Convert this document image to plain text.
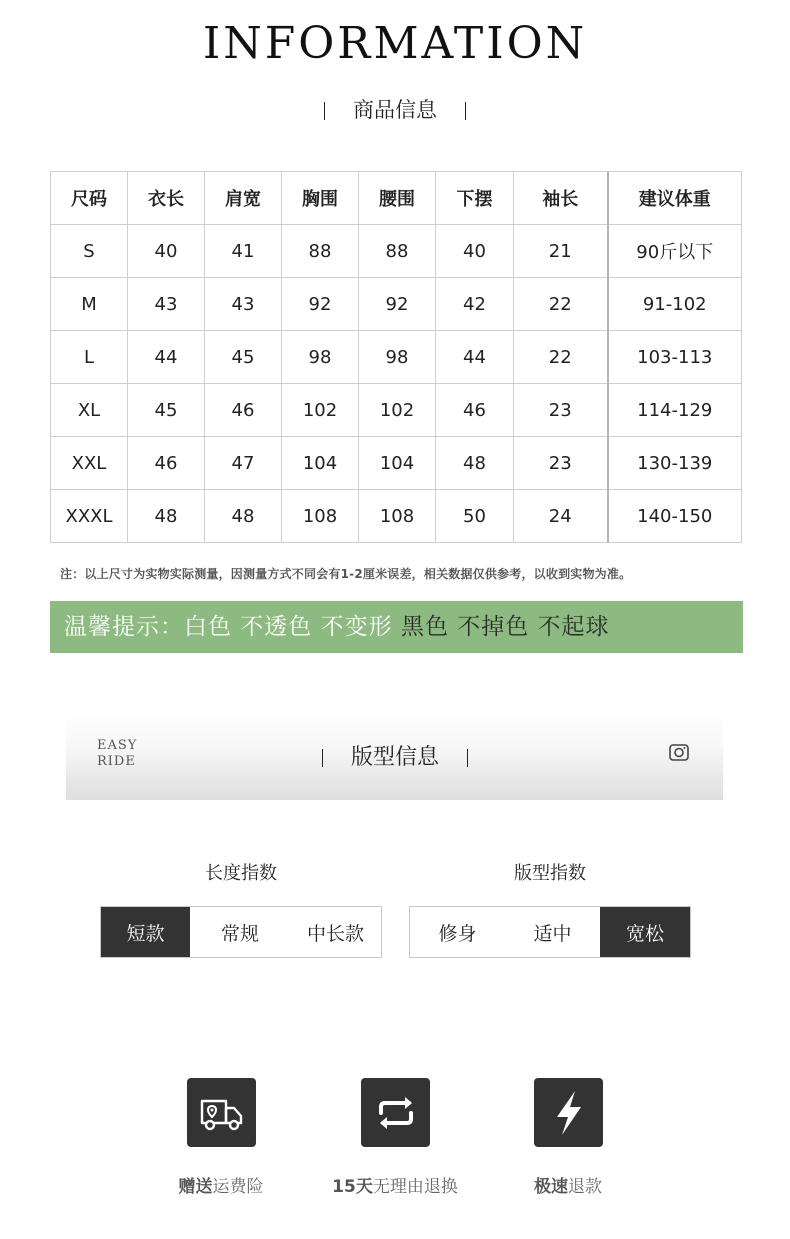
INFORMATION
商品信息
尺码	衣长	肩宽	胸围	腰围	下摆	袖长	建议体重
S	40	41	88	88	40	21	90斤以下
M	43	43	92	92	42	22	91-102
L	44	45	98	98	44	22	103-113
XL	45	46	102	102	46	23	114-129
XXL	46	47	104	104	48	23	130-139
XXXL	48	48	108	108	50	24	140-150
注：以上尺寸为实物实际测量，因测量方式不同会有1-2厘米误差，相关数据仅供参考，以收到实物为准。
温馨提示：白色 不透色 不变形 黑色 不掉色 不起球
EASY
RIDE	版型信息
长度指数
短款	常规	中长款
版型指数
修身	适中	宽松
赠送运费险	15天无理由退换	极速退款
